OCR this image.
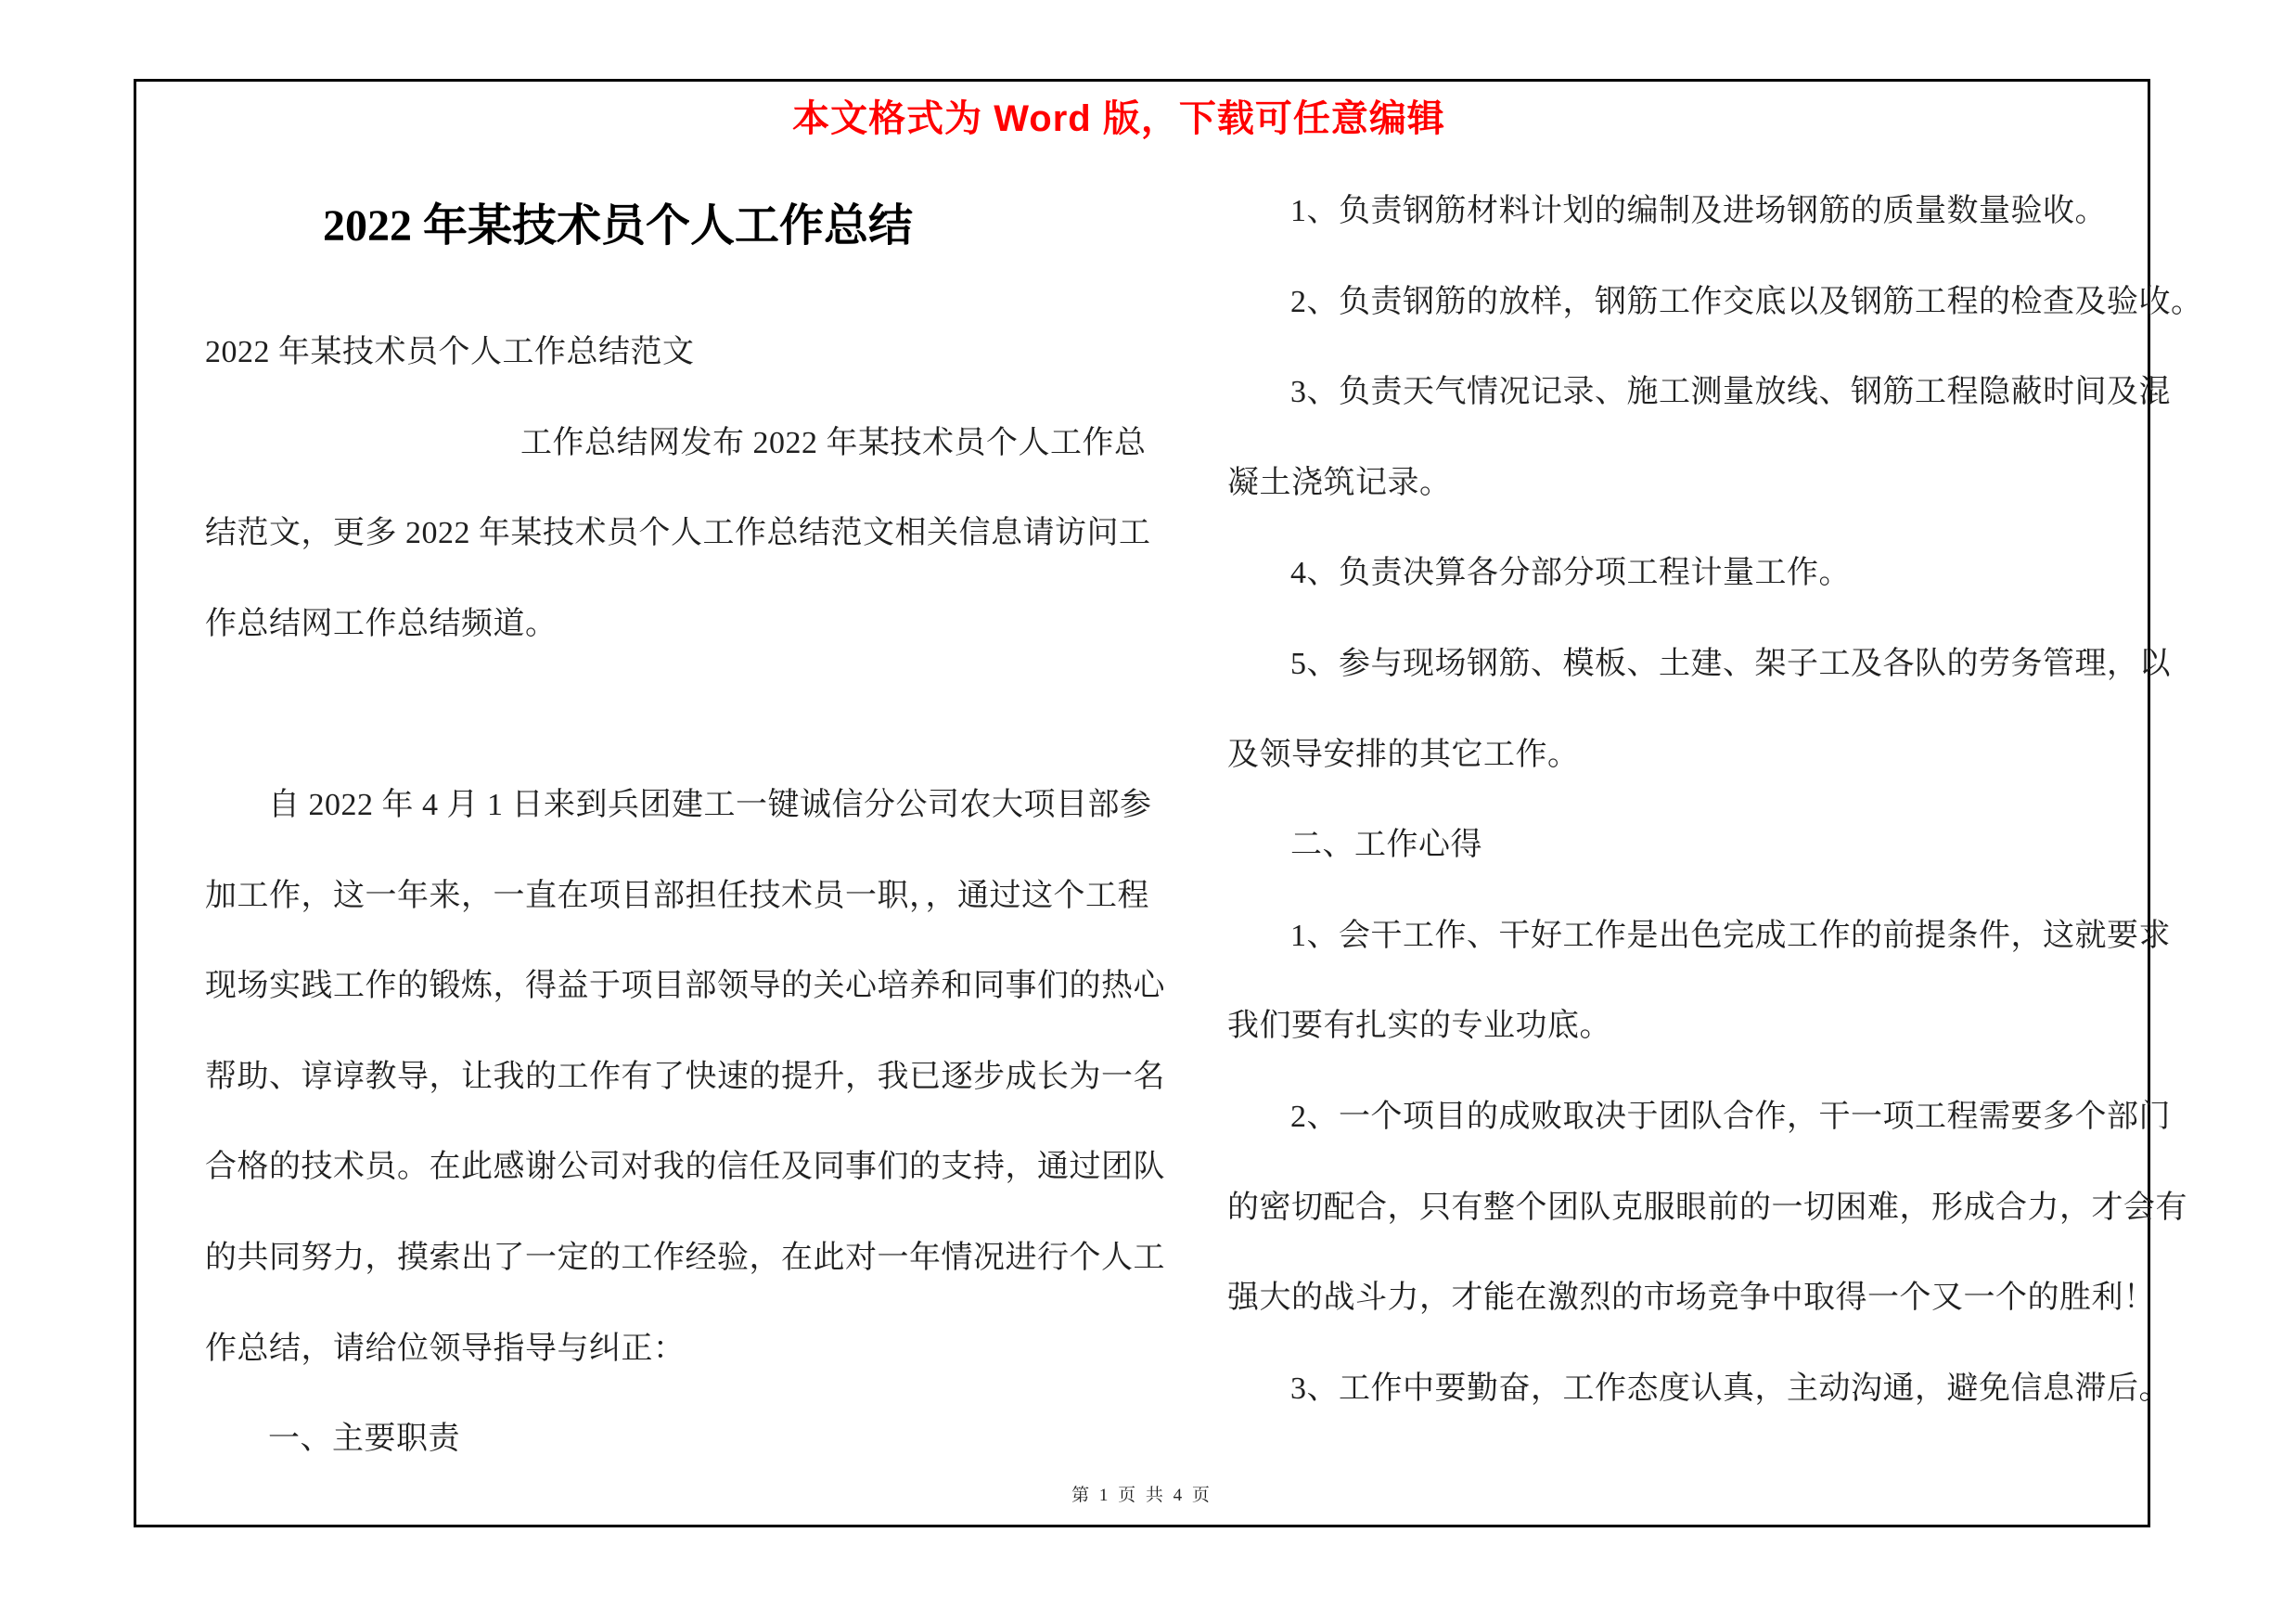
本文格式为 Word 版，下载可任意编辑
2022 年某技术员个人工作总结
2022 年某技术员个人工作总结范文
工作总结网发布 2022 年某技术员个人工作总
结范文，更多 2022 年某技术员个人工作总结范文相关信息请访问工
作总结网工作总结频道。
自 2022 年 4 月 1 日来到兵团建工一键诚信分公司农大项目部参
加工作，这一年来，一直在项目部担任技术员一职，，通过这个工程
现场实践工作的锻炼，得益于项目部领导的关心培养和同事们的热心
帮助、谆谆教导，让我的工作有了快速的提升，我已逐步成长为一名
合格的技术员。在此感谢公司对我的信任及同事们的支持，通过团队
的共同努力，摸索出了一定的工作经验，在此对一年情况进行个人工
作总结，请给位领导指导与纠正：
一、主要职责
1、负责钢筋材料计划的编制及进场钢筋的质量数量验收。
2、负责钢筋的放样，钢筋工作交底以及钢筋工程的检查及验收。
3、负责天气情况记录、施工测量放线、钢筋工程隐蔽时间及混
凝土浇筑记录。
4、负责决算各分部分项工程计量工作。
5、参与现场钢筋、模板、土建、架子工及各队的劳务管理，以
及领导安排的其它工作。
二、工作心得
1、会干工作、干好工作是出色完成工作的前提条件，这就要求
我们要有扎实的专业功底。
2、一个项目的成败取决于团队合作，干一项工程需要多个部门
的密切配合，只有整个团队克服眼前的一切困难，形成合力，才会有
强大的战斗力，才能在激烈的市场竞争中取得一个又一个的胜利！
3、工作中要勤奋，工作态度认真，主动沟通，避免信息滞后。
第 1 页 共 4 页
